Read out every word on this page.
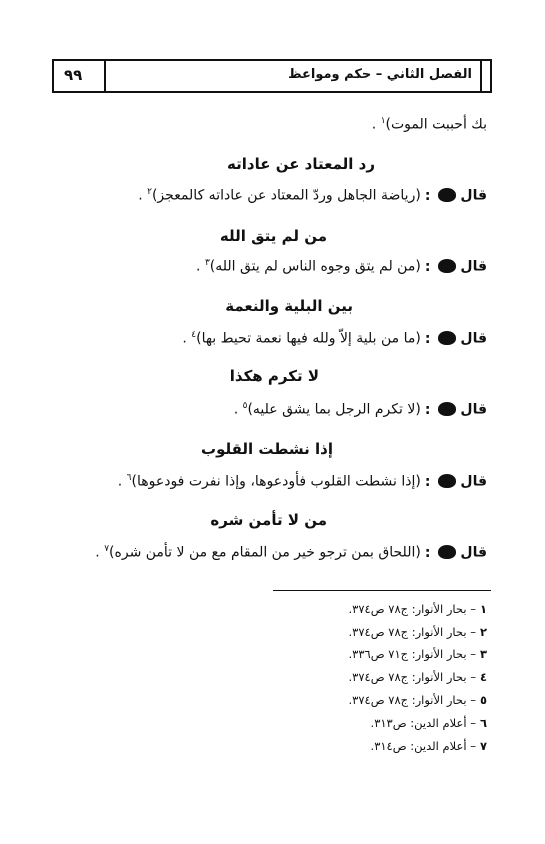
٩٩	الفصل الثاني – حكم ومواعظ
بك أحببت الموت)$^١$ .
رد المعتاد عن عاداته
قال:(رياضة الجاهل وردّ المعتاد عن عاداته كالمعجز)$^٢$ .
من لم يتق الله
قال:(من لم يتق وجوه الناس لم يتق الله)$^٣$ .
بين البلية والنعمة
قال:(ما من بلية إلاّ ولله فيها نعمة تحيط بها)$^٤$ .
لا تكرم هكذا
قال:(لا تكرم الرجل بما يشق عليه)$^٥$ .
إذا نشطت القلوب
قال:(إذا نشطت القلوب فأودعوها، وإذا نفرت فودعوها)$^٦$ .
من لا تأمن شره
قال:(اللحاق بمن ترجو خير من المقام مع من لا تأمن شره)$^٧$ .
١– بحار الأنوار: ج٧٨ ص٣٧٤.
٢– بحار الأنوار: ج٧٨ ص٣٧٤.
٣– بحار الأنوار: ج٧١ ص٣٣٦.
٤– بحار الأنوار: ج٧٨ ص٣٧٤.
٥– بحار الأنوار: ج٧٨ ص٣٧٤.
٦– أعلام الدين: ص٣١٣.
٧– أعلام الدين: ص٣١٤.
